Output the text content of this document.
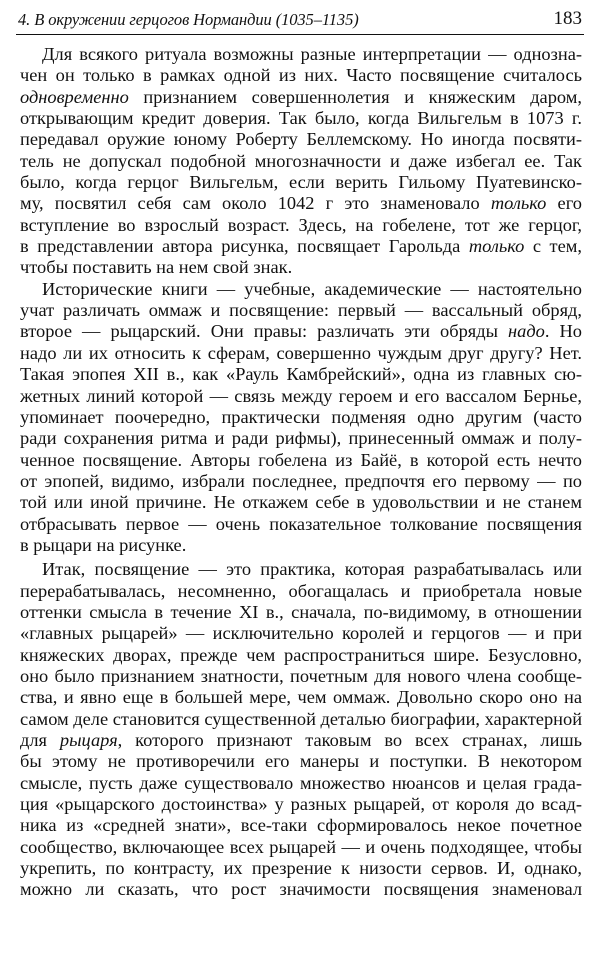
4. В окружении герцогов Нормандии (1035–1135)	183
Для всякого ритуала возможны разные интерпретации — однозна-
чен он только в рамках одной из них. Часто посвящение считалось
одновременно признанием совершеннолетия и княжеским даром,
открывающим кредит доверия. Так было, когда Вильгельм в 1073 г.
передавал оружие юному Роберту Беллемскому. Но иногда посвяти-
тель не допускал подобной многозначности и даже избегал ее. Так
было, когда герцог Вильгельм, если верить Гильому Пуатевинско-
му, посвятил себя сам около 1042 г это знаменовало только его
вступление во взрослый возраст. Здесь, на гобелене, тот же герцог,
в представлении автора рисунка, посвящает Гарольда только с тем,
чтобы поставить на нем свой знак.
Исторические книги — учебные, академические — настоятельно
учат различать оммаж и посвящение: первый — вассальный обряд,
второе — рыцарский. Они правы: различать эти обряды надо. Но
надо ли их относить к сферам, совершенно чуждым друг другу? Нет.
Такая эпопея XII в., как «Рауль Камбрейский», одна из главных сю-
жетных линий которой — связь между героем и его вассалом Бернье,
упоминает поочередно, практически подменяя одно другим (часто
ради сохранения ритма и ради рифмы), принесенный оммаж и полу-
ченное посвящение. Авторы гобелена из Байё, в которой есть нечто
от эпопей, видимо, избрали последнее, предпочтя его первому — по
той или иной причине. Не откажем себе в удовольствии и не станем
отбрасывать первое — очень показательное толкование посвящения
в рыцари на рисунке.
Итак, посвящение — это практика, которая разрабатывалась или
перерабатывалась, несомненно, обогащалась и приобретала новые
оттенки смысла в течение XI в., сначала, по-видимому, в отношении
«главных рыцарей» — исключительно королей и герцогов — и при
княжеских дворах, прежде чем распространиться шире. Безусловно,
оно было признанием знатности, почетным для нового члена сообще-
ства, и явно еще в большей мере, чем оммаж. Довольно скоро оно на
самом деле становится существенной деталью биографии, характерной
для рыцаря, которого признают таковым во всех странах, лишь
бы этому не противоречили его манеры и поступки. В некотором
смысле, пусть даже существовало множество нюансов и целая града-
ция «рыцарского достоинства» у разных рыцарей, от короля до всад-
ника из «средней знати», все-таки сформировалось некое почетное
сообщество, включающее всех рыцарей — и очень подходящее, чтобы
укрепить, по контрасту, их презрение к низости сервов. И, однако,
можно ли сказать, что рост значимости посвящения знаменовал
